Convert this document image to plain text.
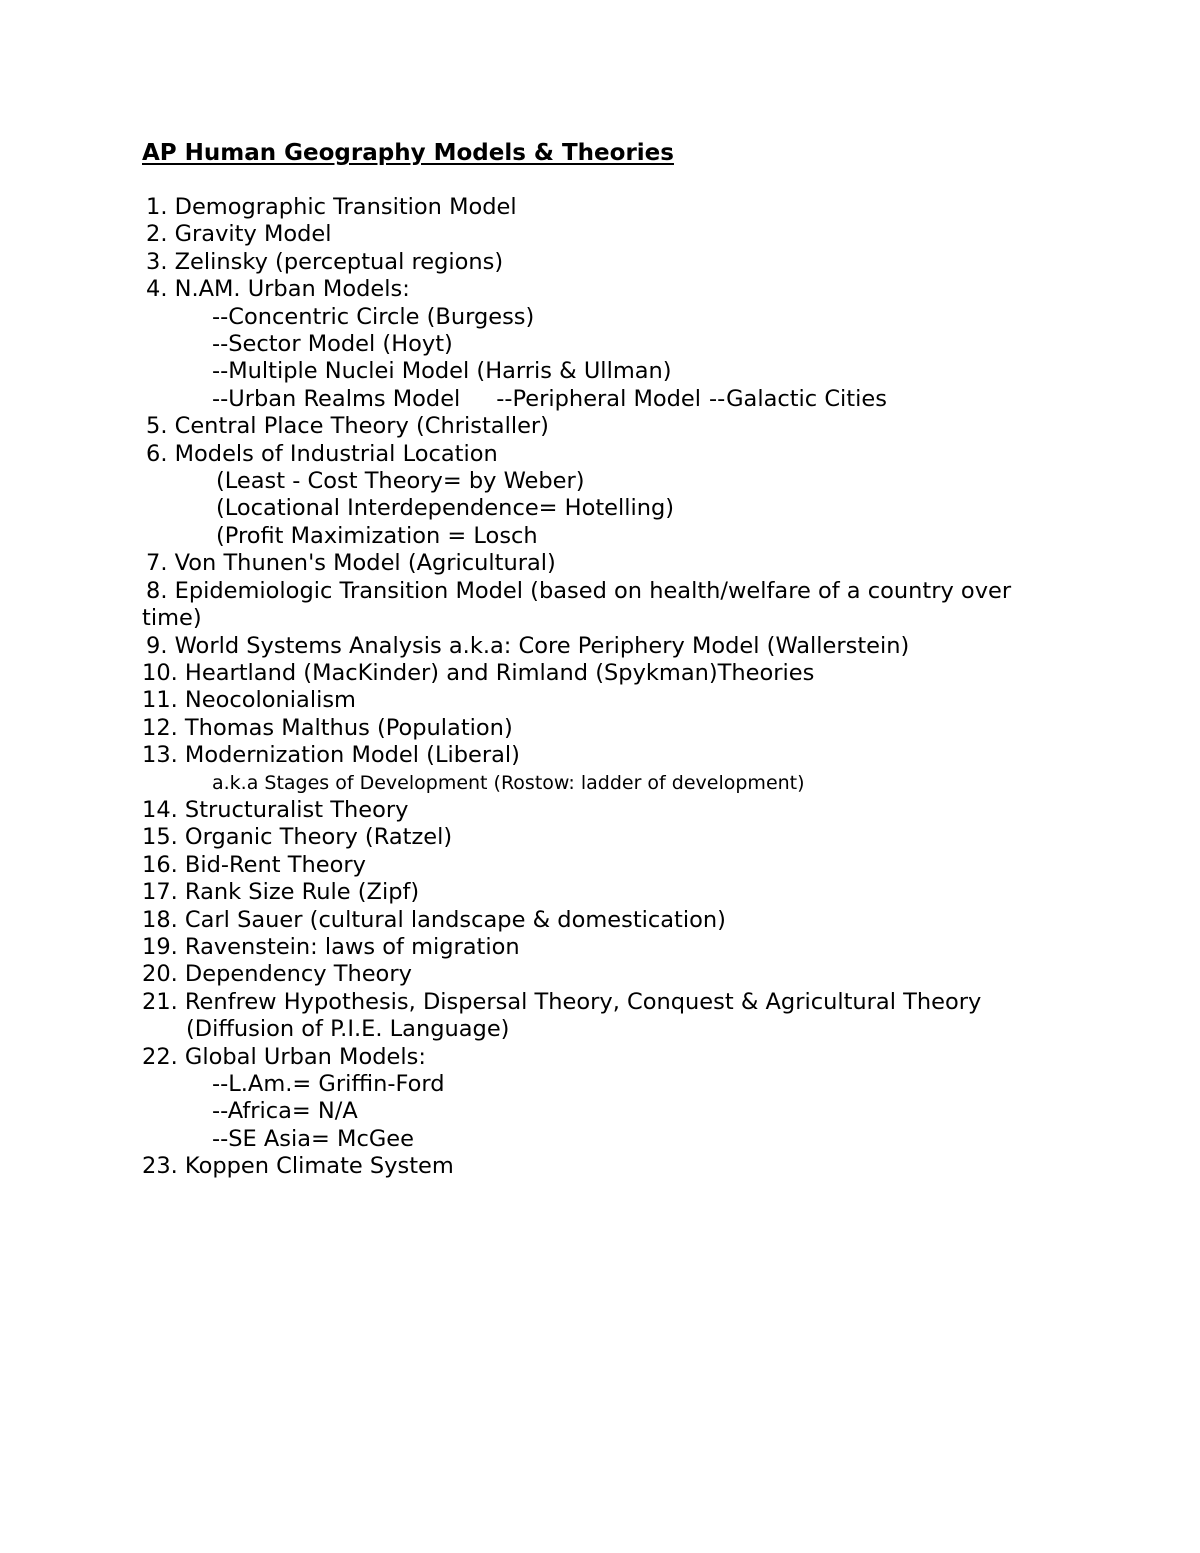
AP Human Geography Models & Theories
1. Demographic Transition Model
2. Gravity Model
3. Zelinsky (perceptual regions)
4. N.AM. Urban Models:
--Concentric Circle (Burgess)
--Sector Model (Hoyt)
--Multiple Nuclei Model (Harris & Ullman)
--Urban Realms Model --Peripheral Model --Galactic Cities
5. Central Place Theory (Christaller)
6. Models of Industrial Location
(Least - Cost Theory= by Weber)
(Locational Interdependence= Hotelling)
(Profit Maximization = Losch
7. Von Thunen's Model (Agricultural)
8. Epidemiologic Transition Model (based on health/welfare of a country over time)
9. World Systems Analysis a.k.a: Core Periphery Model (Wallerstein)
10. Heartland (MacKinder) and Rimland (Spykman)Theories
11. Neocolonialism
12. Thomas Malthus (Population)
13. Modernization Model (Liberal)
a.k.a Stages of Development (Rostow: ladder of development)
14. Structuralist Theory
15. Organic Theory (Ratzel)
16. Bid-Rent Theory
17. Rank Size Rule (Zipf)
18. Carl Sauer (cultural landscape & domestication)
19. Ravenstein: laws of migration
20. Dependency Theory
21. Renfrew Hypothesis, Dispersal Theory, Conquest & Agricultural Theory
(Diffusion of P.I.E. Language)
22. Global Urban Models:
--L.Am.= Griffin-Ford
--Africa= N/A
--SE Asia= McGee
23. Koppen Climate System
